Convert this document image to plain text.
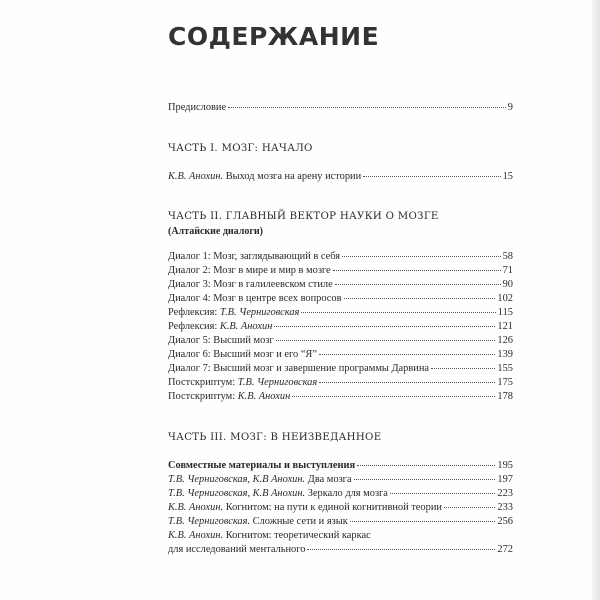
СОДЕРЖАНИЕ
Предисловие	9
ЧАСТЬ I. МОЗГ: НАЧАЛО
К.В. Анохин. Выход мозга на арену истории	15
ЧАСТЬ II. ГЛАВНЫЙ ВЕКТОР НАУКИ О МОЗГЕ
(Алтайские диалоги)
Диалог 1: Мозг, заглядывающий в себя	58
Диалог 2: Мозг в мире и мир в мозге	71
Диалог 3: Мозг в галилеевском стиле	90
Диалог 4: Мозг в центре всех вопросов	102
Рефлексия: Т.В. Черниговская	115
Рефлексия: К.В. Анохин	121
Диалог 5: Высший мозг	126
Диалог 6: Высший мозг и его “Я”	139
Диалог 7: Высший мозг и завершение программы Дарвина	155
Постскриптум: Т.В. Черниговская	175
Постскриптум: К.В. Анохин	178
ЧАСТЬ III. МОЗГ: В НЕИЗВЕДАННОЕ
Совместные материалы и выступления	195
Т.В. Черниговская, К.В Анохин. Два мозга	197
Т.В. Черниговская, К.В Анохин. Зеркало для мозга	223
К.В. Анохин. Когнитом: на пути к единой когнитивной теории	233
Т.В. Черниговская. Сложные сети и язык	256
К.В. Анохин. Когнитом: теоретический каркас
для исследований ментального	272
